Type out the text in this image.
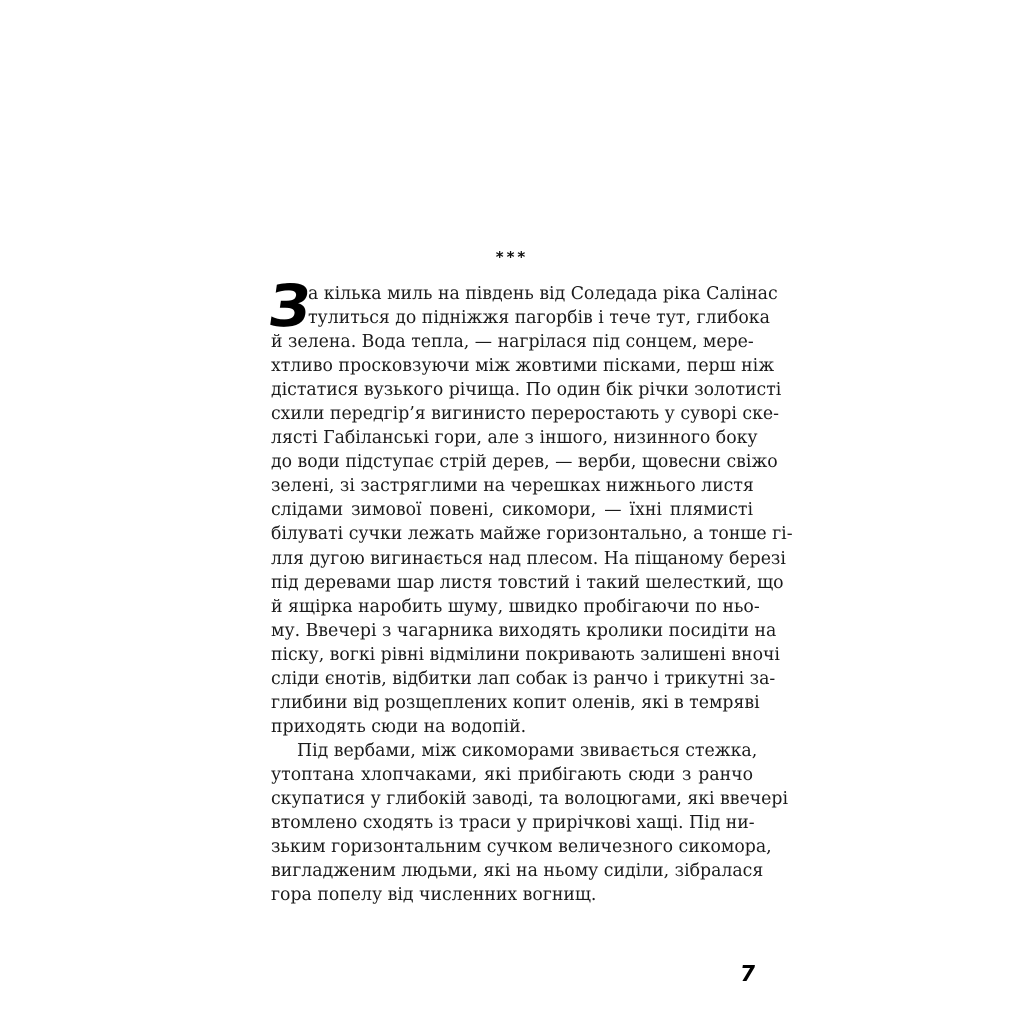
⁎⁎⁎
З
а кілька миль на південь від Соледада ріка Салінас
тулиться до підніжжя пагорбів і тече тут, глибока
й зелена. Вода тепла, — нагрілася під сонцем, мере-
хтливо просковзуючи між жовтими пісками, перш ніж
дістатися вузького річища. По один бік річки золотисті
схили передгір’я вигинисто переростають у суворі ске-
лясті Габіланські гори, але з іншого, низинного боку
до води підступає стрій дерев, — верби, щовесни свіжо
зелені, зі застряглими на черешках нижнього листя
слідами зимової повені, сикомори, — їхні плямисті
білуваті сучки лежать майже горизонтально, а тонше гі-
лля дугою вигинається над плесом. На піщаному березі
під деревами шар листя товстий і такий шелесткий, що
й ящірка наробить шуму, швидко пробігаючи по ньо-
му. Ввечері з чагарника виходять кролики посидіти на
піску, вогкі рівні відмілини покривають залишені вночі
сліди єнотів, відбитки лап собак із ранчо і трикутні за-
глибини від розщеплених копит оленів, які в темряві
приходять сюди на водопій.
Під вербами, між сикоморами звивається стежка,
утоптана хлопчаками, які прибігають сюди з ранчо
скупатися у глибокій заводі, та волоцюгами, які ввечері
втомлено сходять із траси у прирічкові хащі. Під ни-
зьким горизонтальним сучком величезного сикомора,
вигладженим людьми, які на ньому сиділи, зібралася
гора попелу від численних вогнищ.
7
